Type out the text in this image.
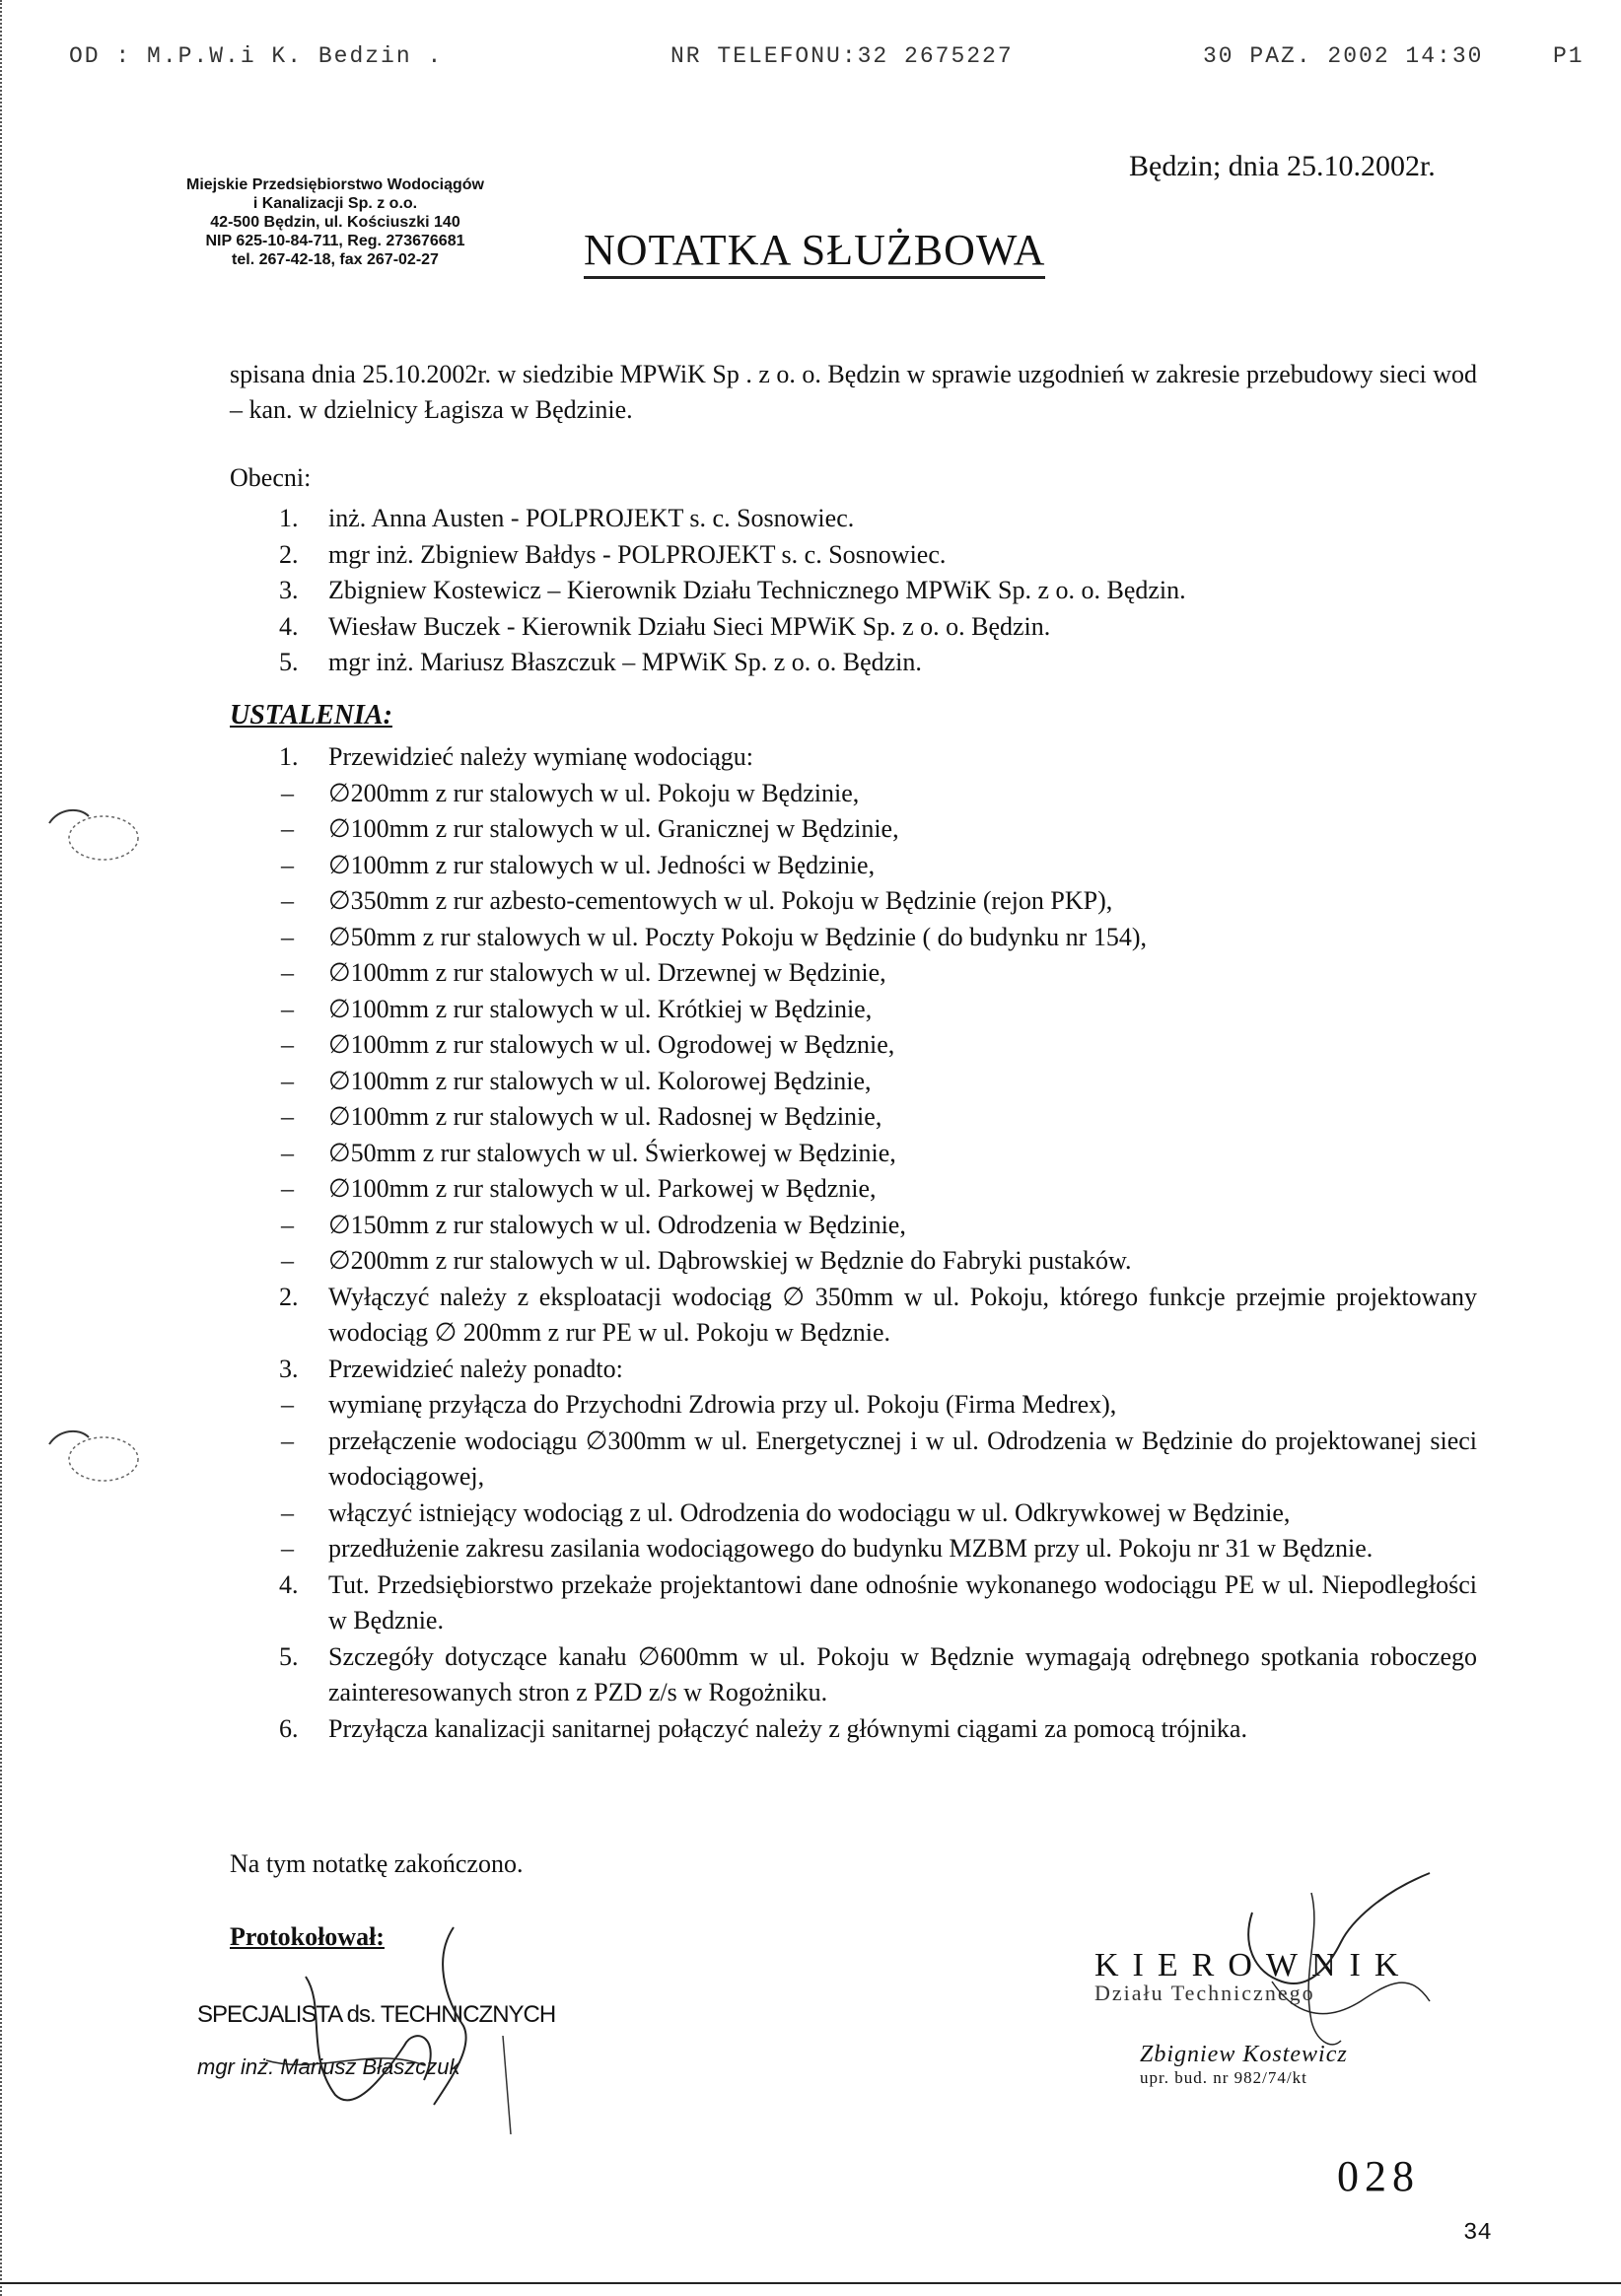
OD : M.P.W.i K. Bedzin .	NR TELEFONU:32 2675227	30 PAZ. 2002 14:30	P1
Miejskie Przedsiębiorstwo Wodociągów
i Kanalizacji Sp. z o.o.
42-500 Będzin, ul. Kościuszki 140
NIP 625-10-84-711, Reg. 273676681
tel. 267-42-18, fax 267-02-27
Będzin; dnia 25.10.2002r.
NOTATKA SŁUŻBOWA

spisana dnia 25.10.2002r. w siedzibie MPWiK Sp . z o. o. Będzin w sprawie uzgodnień w zakresie przebudowy sieci wod – kan. w dzielnicy Łagisza w Będzinie.

Obecni:
1. inż. Anna Austen - POLPROJEKT s. c. Sosnowiec.
2. mgr inż. Zbigniew Bałdys - POLPROJEKT s. c. Sosnowiec.
3. Zbigniew Kostewicz – Kierownik Działu Technicznego MPWiK Sp. z o. o. Będzin.
4. Wiesław Buczek - Kierownik Działu Sieci MPWiK Sp. z o. o. Będzin.
5. mgr inż. Mariusz Błaszczuk – MPWiK Sp. z o. o. Będzin.
USTALENIA:
1. Przewidzieć należy wymianę wodociągu:
– ∅200mm z rur stalowych w ul. Pokoju w Będzinie,
– ∅100mm z rur stalowych w ul. Granicznej w Będzinie,
– ∅100mm z rur stalowych w ul. Jedności w Będzinie,
– ∅350mm z rur azbesto-cementowych w ul. Pokoju w Będzinie (rejon PKP),
– ∅50mm z rur stalowych w ul. Poczty Pokoju w Będzinie ( do budynku nr 154),
– ∅100mm z rur stalowych w ul. Drzewnej w Będzinie,
– ∅100mm z rur stalowych w ul. Krótkiej w Będzinie,
– ∅100mm z rur stalowych w ul. Ogrodowej w Będznie,
– ∅100mm z rur stalowych w ul. Kolorowej Będzinie,
– ∅100mm z rur stalowych w ul. Radosnej w Będzinie,
– ∅50mm z rur stalowych w ul. Świerkowej w Będzinie,
– ∅100mm z rur stalowych w ul. Parkowej w Będznie,
– ∅150mm z rur stalowych w ul. Odrodzenia w Będzinie,
– ∅200mm z rur stalowych w ul. Dąbrowskiej w Będznie do Fabryki pustaków.
2. Wyłączyć należy z eksploatacji wodociąg ∅ 350mm w ul. Pokoju, którego funkcje przejmie projektowany wodociąg ∅ 200mm z rur PE w ul. Pokoju w Będznie.
3. Przewidzieć należy ponadto:
– wymianę przyłącza do Przychodni Zdrowia przy ul. Pokoju (Firma Medrex),
– przełączenie wodociągu ∅300mm w ul. Energetycznej i w ul. Odrodzenia w Będzinie do projektowanej sieci wodociągowej,
– włączyć istniejący wodociąg z ul. Odrodzenia do wodociągu w ul. Odkrywkowej w Będzinie,
– przedłużenie zakresu zasilania wodociągowego do budynku MZBM przy ul. Pokoju nr 31 w Będznie.
4. Tut. Przedsiębiorstwo przekaże projektantowi dane odnośnie wykonanego wodociągu PE w ul. Niepodległości w Będznie.
5. Szczegóły dotyczące kanału ∅600mm w ul. Pokoju w Będznie wymagają odrębnego spotkania roboczego zainteresowanych stron z PZD z/s w Rogożniku.
6. Przyłącza kanalizacji sanitarnej połączyć należy z głównymi ciągami za pomocą trójnika.
Na tym notatkę zakończono.
Protokołował:
SPECJALISTA ds. TECHNICZNYCH
mgr inż. Mariusz Błaszczuk
KIEROWNIK
Działu Technicznego
Zbigniew Kostewicz
upr. bud. nr 982/74/kt
028
34
